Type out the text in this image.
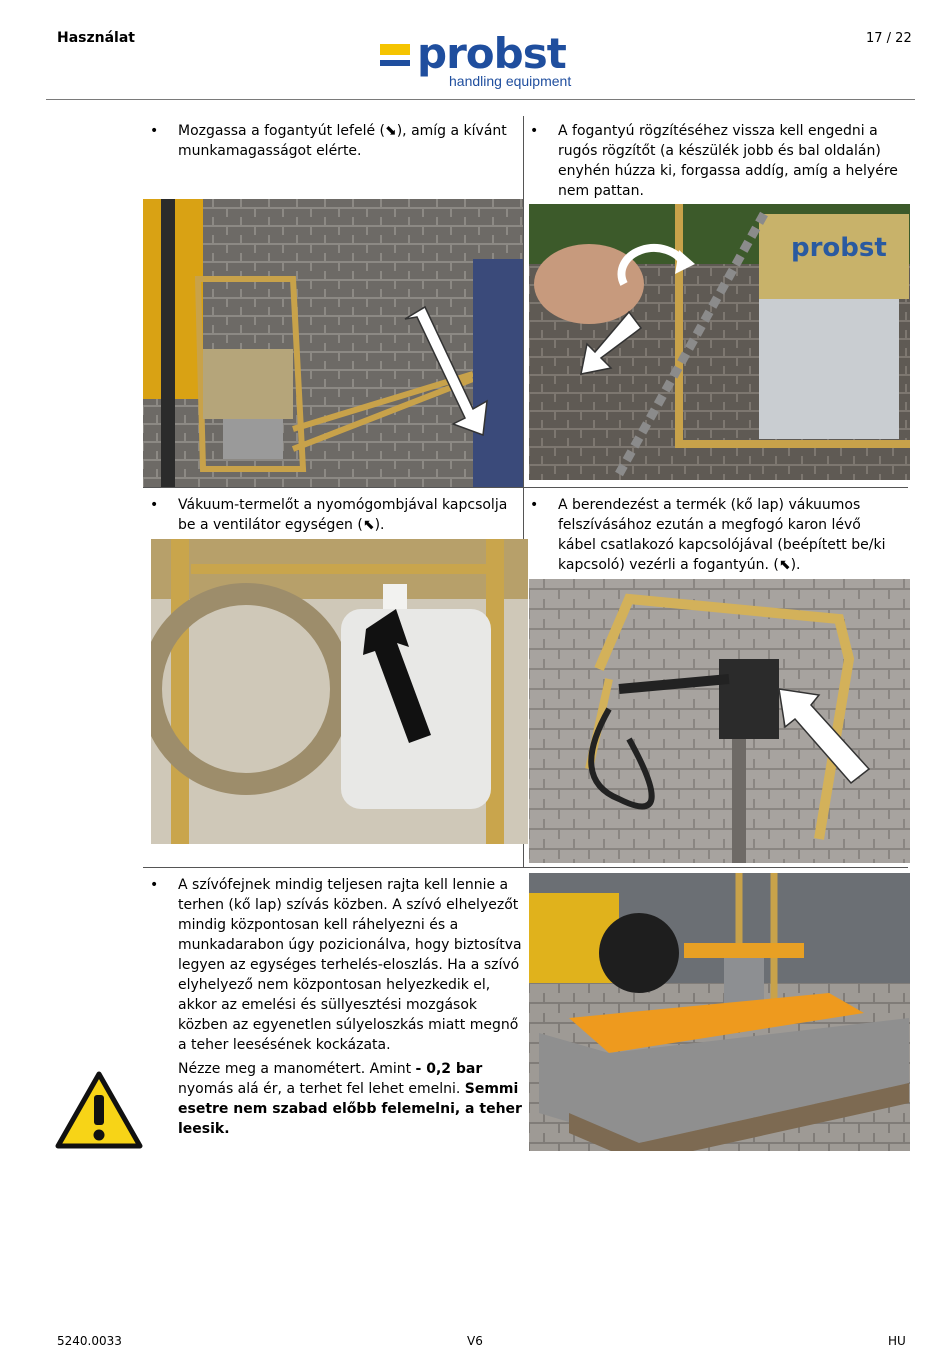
Használat	17 / 22
probst
handling equipment
• Mozgassa a fogantyút lefelé (⬊), amíg a kívánt munkamagasságot elérte.

• A fogantyú rögzítéséhez vissza kell engedni a rugós rögzítőt (a készülék jobb és bal oldalán) enyhén húzza ki, forgassa addíg, amíg a helyére nem pattan.

probst
• Vákuum-termelőt a nyomógombjával kapcsolja be a ventilátor egységen (⬉).

• A berendezést a termék (kő lap) vákuumos felszívásához ezután a megfogó karon lévő kábel csatlakozó kapcsolójával (beépített be/ki kapcsoló) vezérli a fogantyún. (⬉).

• A szívófejnek mindig teljesen rajta kell lennie a terhen (kő lap) szívás közben. A szívó elhelyezőt mindig központosan kell ráhelyezni és a munkadarabon úgy pozicionálva, hogy biztosítva legyen az egységes terhelés-eloszlás. Ha a szívó elyhelyező nem központosan helyezkedik el, akkor az emelési és süllyesztési mozgások közben az egyenetlen súlyeloszkás miatt megnő a teher leesésének kockázata.

Nézze meg a manométert. Amint - 0,2 bar nyomás alá ér, a terhet fel lehet emelni. Semmi esetre nem szabad előbb felemelni, a teher leesik.

5240.0033	V6	HU
